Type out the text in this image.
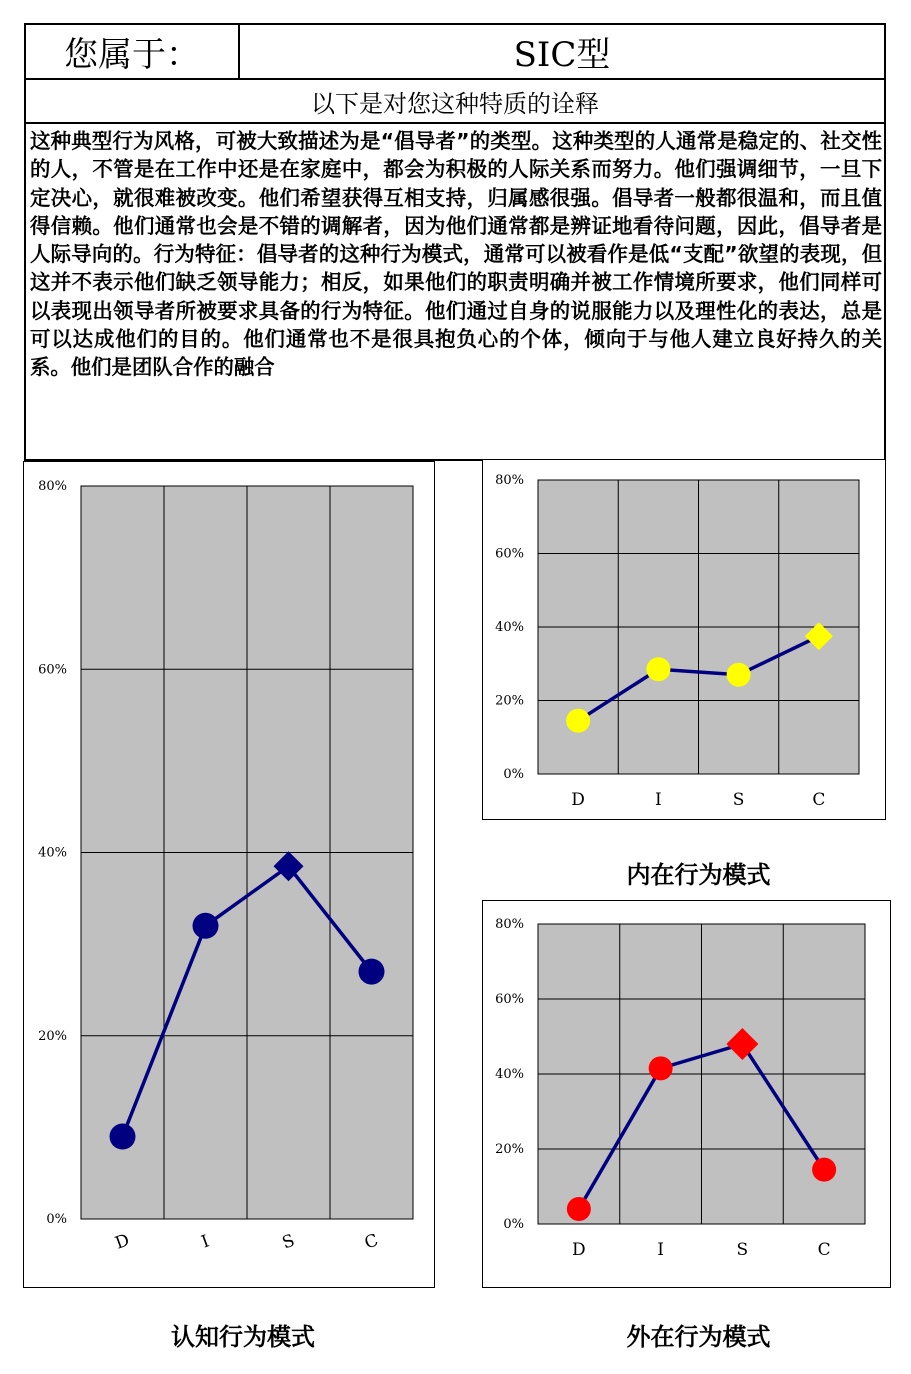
您属于：	SIC型
以下是对您这种特质的诠释
这种典型行为风格，可被大致描述为是“倡导者”的类型。这种类型的人通常是稳定的、社交性的人，不管是在工作中还是在家庭中，都会为积极的人际关系而努力。他们强调细节，一旦下定决心，就很难被改变。他们希望获得互相支持，归属感很强。倡导者一般都很温和，而且值得信赖。他们通常也会是不错的调解者，因为他们通常都是辨证地看待问题，因此，倡导者是人际导向的。行为特征：倡导者的这种行为模式，通常可以被看作是低“支配”欲望的表现，但这并不表示他们缺乏领导能力；相反，如果他们的职责明确并被工作情境所要求，他们同样可以表现出领导者所被要求具备的行为特征。他们通过自身的说服能力以及理性化的表达，总是可以达成他们的目的。他们通常也不是很具抱负心的个体，倾向于与他人建立良好持久的关系。他们是团队合作的融合
0%
20%
40%
60%
80%
D	I	S	C
认知行为模式
0%
20%
40%
60%
80%
D	I	S	C
内在行为模式
0%
20%
40%
60%
80%
D	I	S	C
外在行为模式
